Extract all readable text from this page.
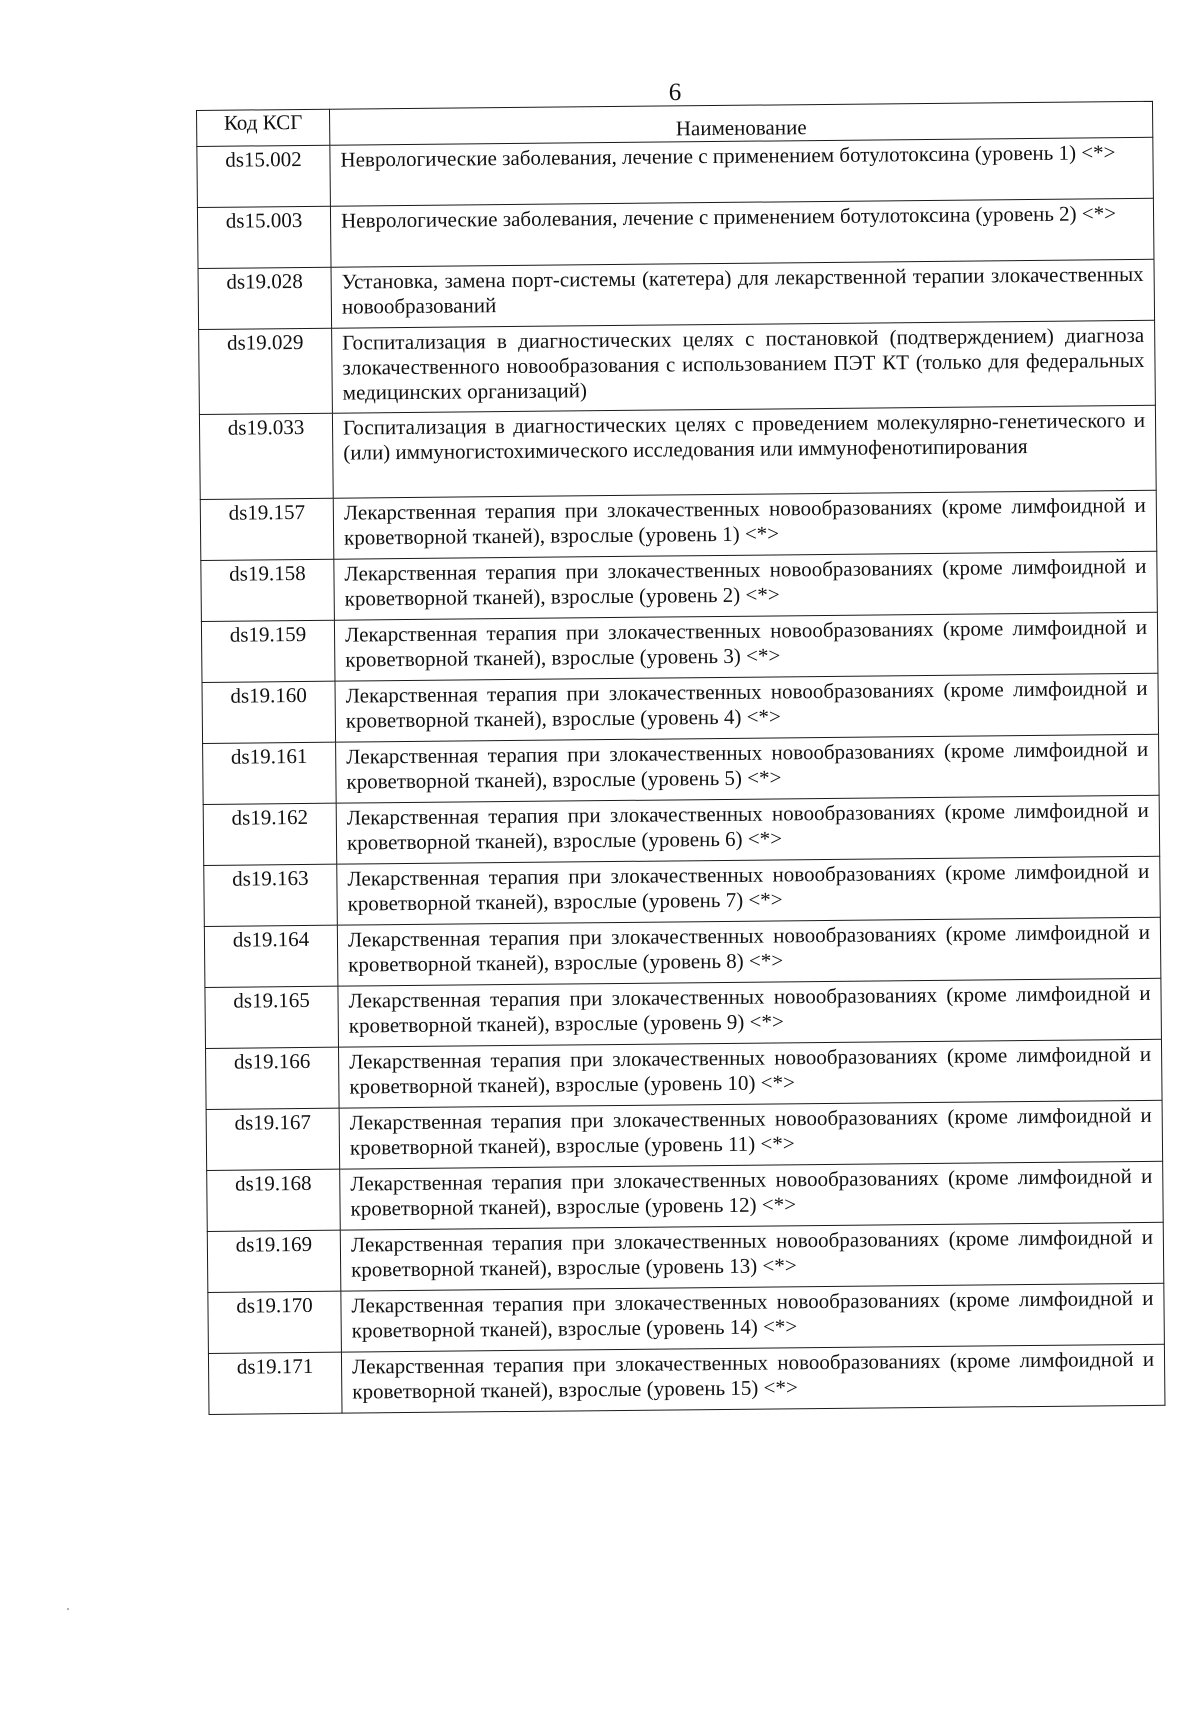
6
Код КСГ	Наименование
ds15.002	Неврологические заболевания, лечение с применением ботулотоксина (уровень 1) <*>
ds15.003	Неврологические заболевания, лечение с применением ботулотоксина (уровень 2) <*>
ds19.028	Установка, замена порт-системы (катетера) для лекарственной терапии злокачественных новообразований
ds19.029	Госпитализация в диагностических целях с постановкой (подтверждением) диагноза злокачественного новообразования с использованием ПЭТ КТ (только для федеральных медицинских организаций)
ds19.033	Госпитализация в диагностических целях с проведением молекулярно-генетического и (или) иммуногистохимического исследования или иммунофенотипирования
ds19.157	Лекарственная терапия при злокачественных новообразованиях (кроме лимфоидной и кроветворной тканей), взрослые (уровень 1) <*>
ds19.158	Лекарственная терапия при злокачественных новообразованиях (кроме лимфоидной и кроветворной тканей), взрослые (уровень 2) <*>
ds19.159	Лекарственная терапия при злокачественных новообразованиях (кроме лимфоидной и кроветворной тканей), взрослые (уровень 3) <*>
ds19.160	Лекарственная терапия при злокачественных новообразованиях (кроме лимфоидной и кроветворной тканей), взрослые (уровень 4) <*>
ds19.161	Лекарственная терапия при злокачественных новообразованиях (кроме лимфоидной и кроветворной тканей), взрослые (уровень 5) <*>
ds19.162	Лекарственная терапия при злокачественных новообразованиях (кроме лимфоидной и кроветворной тканей), взрослые (уровень 6) <*>
ds19.163	Лекарственная терапия при злокачественных новообразованиях (кроме лимфоидной и кроветворной тканей), взрослые (уровень 7) <*>
ds19.164	Лекарственная терапия при злокачественных новообразованиях (кроме лимфоидной и кроветворной тканей), взрослые (уровень 8) <*>
ds19.165	Лекарственная терапия при злокачественных новообразованиях (кроме лимфоидной и кроветворной тканей), взрослые (уровень 9) <*>
ds19.166	Лекарственная терапия при злокачественных новообразованиях (кроме лимфоидной и кроветворной тканей), взрослые (уровень 10) <*>
ds19.167	Лекарственная терапия при злокачественных новообразованиях (кроме лимфоидной и кроветворной тканей), взрослые (уровень 11) <*>
ds19.168	Лекарственная терапия при злокачественных новообразованиях (кроме лимфоидной и кроветворной тканей), взрослые (уровень 12) <*>
ds19.169	Лекарственная терапия при злокачественных новообразованиях (кроме лимфоидной и кроветворной тканей), взрослые (уровень 13) <*>
ds19.170	Лекарственная терапия при злокачественных новообразованиях (кроме лимфоидной и кроветворной тканей), взрослые (уровень 14) <*>
ds19.171	Лекарственная терапия при злокачественных новообразованиях (кроме лимфоидной и кроветворной тканей), взрослые (уровень 15) <*>
